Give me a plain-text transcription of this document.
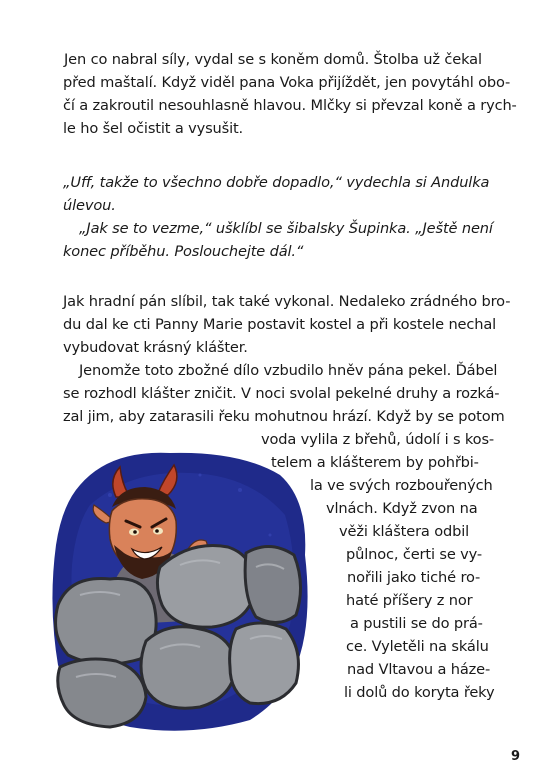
Jen co nabral síly, vydal se s koněm domů. Štolba už čekal
před maštalí. Když viděl pana Voka přijíždět, jen povytáhl obo-
čí a zakroutil nesouhlasně hlavou. Mlčky si převzal koně a rych-
le ho šel očistit a vysušit.
„Uff, takže to všechno dobře dopadlo,“ vydechla si Andulka
úlevou.
„Jak se to vezme,“ ušklíbl se šibalsky Šupinka. „Ještě není
konec příběhu. Poslouchejte dál.“
Jak hradní pán slíbil, tak také vykonal. Nedaleko zrádného bro-
du dal ke cti Panny Marie postavit kostel a při kostele nechal
vybudovat krásný klášter.
Jenomže toto zbožné dílo vzbudilo hněv pána pekel. Ďábel
se rozhodl klášter zničit. V noci svolal pekelné druhy a rozká-
zal jim, aby zatarasili řeku mohutnou hrází. Když by se potom
voda vylila z břehů, údolí i s kos-
telem a klášterem by pohřbi-
la ve svých rozbouřených
vlnách. Když zvon na
věži kláštera odbil
půlnoc, čerti se vy-
nořili jako tiché ro-
haté příšery z nor
a pustili se do prá-
ce. Vyletěli na skálu
nad Vltavou a háze-
li dolů do koryta řeky
9
